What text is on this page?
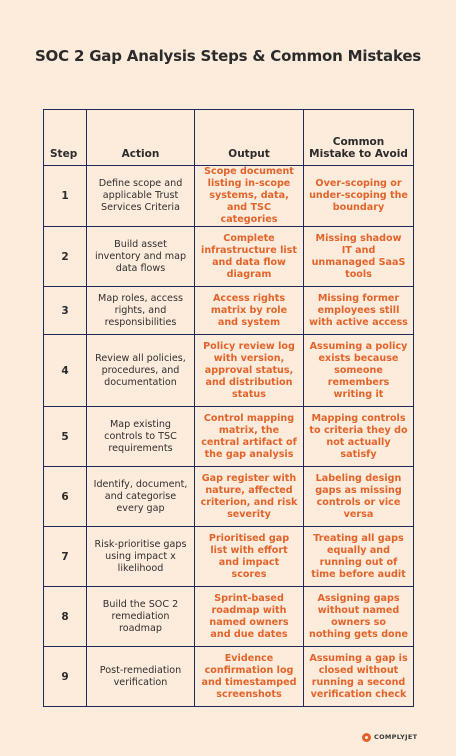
SOC 2 Gap Analysis Steps & Common Mistakes
Step	Action	Output	Common Mistake to Avoid
1	Define scope and applicable Trust Services Criteria	Scope document listing in-scope systems, data, and TSC categories	Over-scoping or under-scoping the boundary
2	Build asset inventory and map data flows	Complete infrastructure list and data flow diagram	Missing shadow IT and unmanaged SaaS tools
3	Map roles, access rights, and responsibilities	Access rights matrix by role and system	Missing former employees still with active access
4	Review all policies, procedures, and documentation	Policy review log with version, approval status, and distribution status	Assuming a policy exists because someone remembers writing it
5	Map existing controls to TSC requirements	Control mapping matrix, the central artifact of the gap analysis	Mapping controls to criteria they do not actually satisfy
6	Identify, document, and categorise every gap	Gap register with nature, affected criterion, and risk severity	Labeling design gaps as missing controls or vice versa
7	Risk-prioritise gaps using impact x likelihood	Prioritised gap list with effort and impact scores	Treating all gaps equally and running out of time before audit
8	Build the SOC 2 remediation roadmap	Sprint-based roadmap with named owners and due dates	Assigning gaps without named owners so nothing gets done
9	Post-remediation verification	Evidence confirmation log and timestamped screenshots	Assuming a gap is closed without running a second verification check
COMPLYJET
